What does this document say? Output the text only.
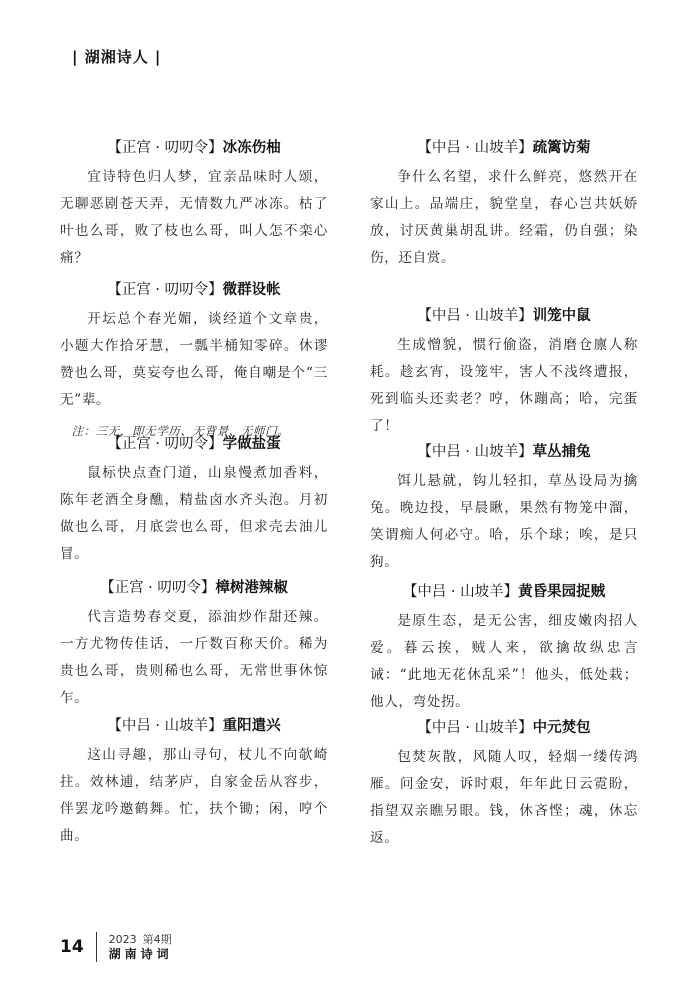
| 湖湘诗人 |
【正宫 · 叨叨令】冰冻伤柚
宜诗特色归人梦，宜亲品味时人颂，无聊恶剧苍天弄，无情数九严冰冻。枯了叶也么哥，败了枝也么哥，叫人怎不栾心痛？
【正宫 · 叨叨令】微群设帐
开坛总个春光媚，谈经道个文章贵，小题大作拾牙慧，一瓢半桶知零碎。休谬赞也么哥，莫妄夸也么哥，俺自嘲是个“三无”辈。
注：三无，即无学历、无背景、无师门。
【正宫 · 叨叨令】学做盐蛋
鼠标快点查门道，山泉慢煮加香料，陈年老酒全身醮，精盐卤水齐头泡。月初做也么哥，月底尝也么哥，但求壳去油儿冒。
【正宫 · 叨叨令】樟树港辣椒
代言造势春交夏，添油炒作甜还辣。一方尤物传佳话，一斤数百称天价。稀为贵也么哥，贵则稀也么哥，无常世事休惊乍。
【中吕 · 山坡羊】重阳遣兴
这山寻趣，那山寻句，杖儿不向欹崎拄。效林逋，结茅庐，自家金岳从容步，伴罢龙吟邀鹤舞。忙，扶个锄；闲，哼个曲。
【中吕 · 山坡羊】疏篱访菊
争什么名望，求什么鲜亮，悠然开在家山上。品端庄，貌堂皇，春心岂共妖娇放，讨厌黄巢胡乱讲。经霜，仍自强；染伤，还自赏。
【中吕 · 山坡羊】训笼中鼠
生成憎貌，惯行偷盗，消磨仓廪人称耗。趁玄宵，设笼牢，害人不浅终遭报，死到临头还卖老？哼，休蹦高；哈，完蛋了！
【中吕 · 山坡羊】草丛捕兔
饵儿悬就，钩儿轻扣，草丛设局为擒兔。晚边投，早晨瞅，果然有物笼中溜，笑谓痴人何必守。哈，乐个球；唉，是只狗。
【中吕 · 山坡羊】黄昏果园捉贼
是原生态，是无公害，细皮嫩肉招人爱。暮云挨，贼人来，欲擒故纵忠言诫：“此地无花休乱采”！他头，低处栽；他人，弯处拐。
【中吕 · 山坡羊】中元焚包
包焚灰散，风随人叹，轻烟一缕传鸿雁。问金安，诉时艰，年年此日云霓盼，指望双亲瞧另眼。钱，休吝悭；魂，休忘返。
14 2023 第4期
湖南诗词
